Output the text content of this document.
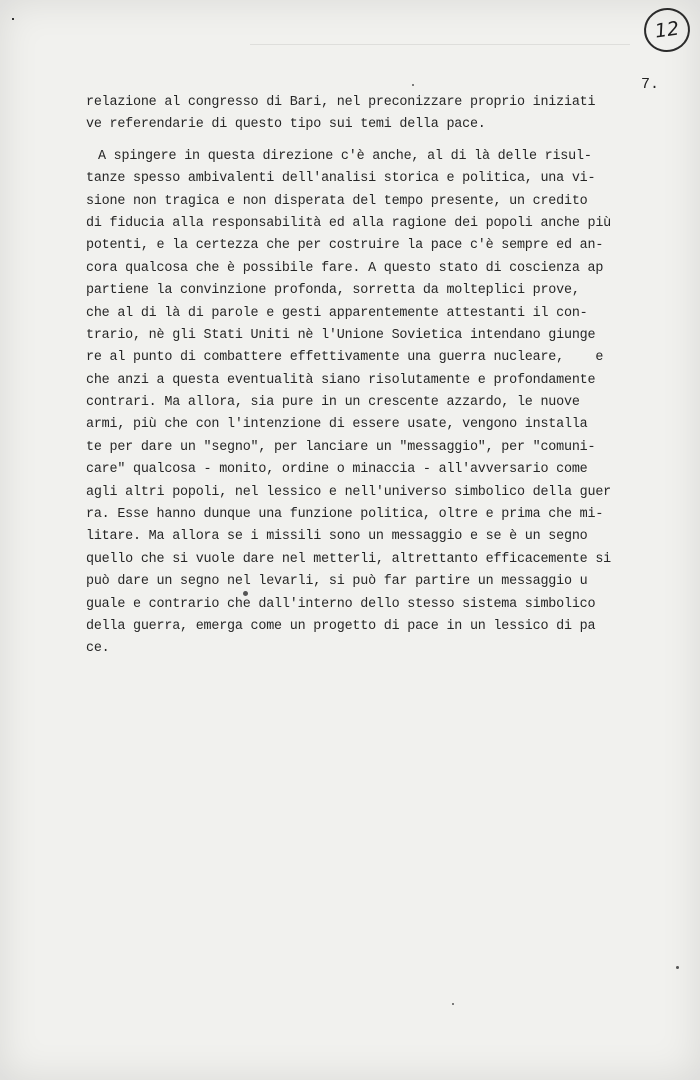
12
7.
relazione al congresso di Bari, nel preconizzare proprio iniziati
ve referendarie di questo tipo sui temi della pace.
A spingere in questa direzione c'è anche, al di là delle risul-
tanze spesso ambivalenti dell'analisi storica e politica, una vi-
sione non tragica e non disperata del tempo presente, un credito
di fiducia alla responsabilità ed alla ragione dei popoli anche più
potenti, e la certezza che per costruire la pace c'è sempre ed an-
cora qualcosa che è possibile fare. A questo stato di coscienza ap
partiene la convinzione profonda, sorretta da molteplici prove,
che al di là di parole e gesti apparentemente attestanti il con-
trario, nè gli Stati Uniti nè l'Unione Sovietica intendano giunge
re al punto di combattere effettivamente una guerra nucleare,    e
che anzi a questa eventualità siano risolutamente e profondamente
contrari. Ma allora, sia pure in un crescente azzardo, le nuove
armi, più che con l'intenzione di essere usate, vengono installa
te per dare un "segno", per lanciare un "messaggio", per "comuni-
care" qualcosa - monito, ordine o minaccia - all'avversario come
agli altri popoli, nel lessico e nell'universo simbolico della guer
ra. Esse hanno dunque una funzione politica, oltre e prima che mi-
litare. Ma allora se i missili sono un messaggio e se è un segno
quello che si vuole dare nel metterli, altrettanto efficacemente si
può dare un segno nel levarli, si può far partire un messaggio u
guale e contrario che dall'interno dello stesso sistema simbolico
della guerra, emerga come un progetto di pace in un lessico di pa
ce.
